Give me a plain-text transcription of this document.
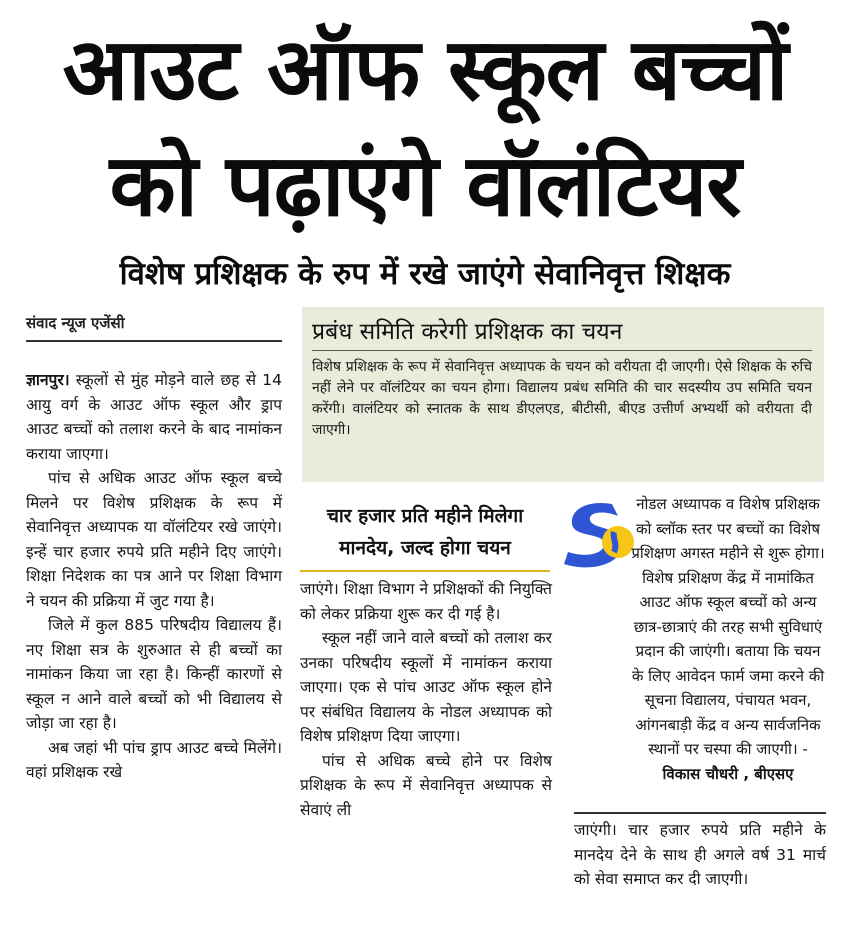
आउट ऑफ स्कूल बच्चों
को पढ़ाएंगे वॉलंटियर
विशेष प्रशिक्षक के रुप में रखे जाएंगे सेवानिवृत्त शिक्षक
संवाद न्यूज एजेंसी

ज्ञानपुर। स्कूलों से मुंह मोड़ने वाले छह से 14 आयु वर्ग के आउट ऑफ स्कूल और ड्राप आउट बच्चों को तलाश करने के बाद नामांकन कराया जाएगा।

पांच से अधिक आउट ऑफ स्कूल बच्चे मिलने पर विशेष प्रशिक्षक के रूप में सेवानिवृत्त अध्यापक या वॉलंटियर रखे जाएंगे। इन्हें चार हजार रुपये प्रति महीने दिए जाएंगे। शिक्षा निदेशक का पत्र आने पर शिक्षा विभाग ने चयन की प्रक्रिया में जुट गया है।

जिले में कुल 885 परिषदीय विद्यालय हैं। नए शिक्षा सत्र के शुरुआत से ही बच्चों का नामांकन किया जा रहा है। किन्हीं कारणों से स्कूल न आने वाले बच्चों को भी विद्यालय से जोड़ा जा रहा है।

अब जहां भी पांच ड्राप आउट बच्चे मिलेंगे। वहां प्रशिक्षक रखे

प्रबंध समिति करेगी प्रशिक्षक का चयन
विशेष प्रशिक्षक के रूप में सेवानिवृत्त अध्यापक के चयन को वरीयता दी जाएगी। ऐसे शिक्षक के रुचि नहीं लेने पर वॉलंटियर का चयन होगा। विद्यालय प्रबंध समिति की चार सदस्यीय उप समिति चयन करेंगी। वालंटियर को स्नातक के साथ डीएलएड, बीटीसी, बीएड उत्तीर्ण अभ्यर्थी को वरीयता दी जाएगी।
चार हजार प्रति महीने मिलेगा
मानदेय, जल्द होगा चयन

जाएंगे। शिक्षा विभाग ने प्रशिक्षकों की नियुक्ति को लेकर प्रक्रिया शुरू कर दी गई है।

स्कूल नहीं जाने वाले बच्चों को तलाश कर उनका परिषदीय स्कूलों में नामांकन कराया जाएगा। एक से पांच आउट ऑफ स्कूल होने पर संबंधित विद्यालय के नोडल अध्यापक को विशेष प्रशिक्षण दिया जाएगा।

पांच से अधिक बच्चे होने पर विशेष प्रशिक्षक के रूप में सेवानिवृत्त अध्यापक से सेवाएं ली

नोडल अध्यापक व विशेष प्रशिक्षक को ब्लॉक स्तर पर बच्चों का विशेष प्रशिक्षण अगस्त महीने से शुरू होगा। विशेष प्रशिक्षण केंद्र में नामांकित आउट ऑफ स्कूल बच्चों को अन्य छात्र-छात्राएं की तरह सभी सुविधाएं प्रदान की जाएंगी। बताया कि चयन के लिए आवेदन फार्म जमा करने की सूचना विद्यालय, पंचायत भवन, आंगनबाड़ी केंद्र व अन्य सार्वजनिक स्थानों पर चस्पा की जाएगी। - विकास चौधरी , बीएसए

जाएंगी। चार हजार रुपये प्रति महीने के मानदेय देने के साथ ही अगले वर्ष 31 मार्च को सेवा समाप्त कर दी जाएगी।
